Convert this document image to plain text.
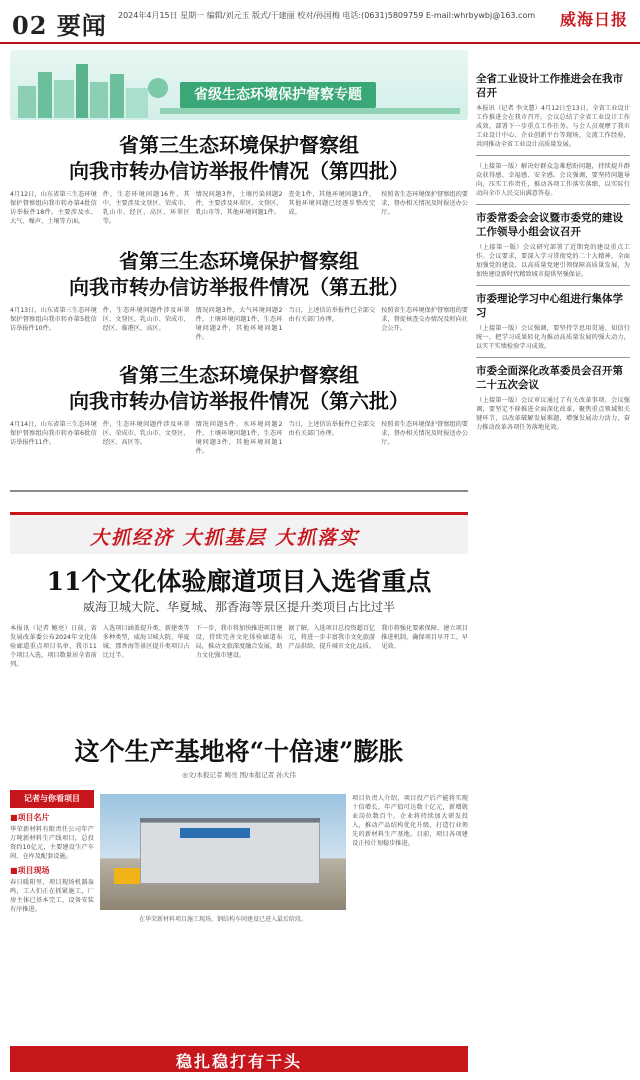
02 要闻 2024年4月15日 星期一 编辑/刘元玉 版式/于建丽 校对/孙国梅 电话:(0631)5809759 E-mail:whrbywbj@163.com 威海日报
省级生态环境保护督察专题
省第三生态环境保护督察组
向我市转办信访举报件情况（第四批）
4月12日，山东省第三生态环境保护督察组向我市转办第4批信访举报件18件。主要涉及水、大气、噪声、土壤等方面。
件，生态环境问题16件，其中，主要涉及文登区、荣成市、乳山市、经区、高区、环翠区等。
情况问题3件，土壤污染问题2件，主要涉及环翠区、文登区、乳山市等，其他环境问题1件。
查处1件，其他环境问题1件，其他环境问题已经逐步整改完成。
按照省生态环境保护督察组的要求，督办相关情况及时报送办公厅。
省第三生态环境保护督察组
向我市转办信访举报件情况（第五批）
4月13日，山东省第三生态环境保护督察组向我市转办第5批信访举报件10件。
件，生态环境问题件涉及环翠区、文登区、乳山市、荣成市、经区、临港区、高区。
情况问题3件，大气环境问题2件，土壤环境问题1件，生态环境问题2件，其他环境问题1件。
当日，上述信访举报件已全部交由有关部门办理。
按照省生态环境保护督察组的要求，督促核查交办情况及时向社会公开。
省第三生态环境保护督察组
向我市转办信访举报件情况（第六批）
4月14日，山东省第三生态环境保护督察组向我市转办第6批信访举报件11件。
件，生态环境问题件涉及环翠区、荣成市、乳山市、文登区、经区、高区等。
情况问题5件，水环境问题2件，土壤环境问题1件，生态环境问题3件，其他环境问题1件。
当日，上述信访举报件已全部交由有关部门办理。
按照省生态环境保护督察组的要求，督办相关情况及时报送办公厅。
大抓经济 大抓基层 大抓落实
11个文化体验廊道项目入选省重点
威海卫城大院、华夏城、那香海等景区提升类项目占比过半
本报讯（记者 鲍亮）日前，省发展改革委公布2024年文化体验廊道重点项目名单，我市11个项目入选，项目数量居全省前列。
入选项目涵盖提升类、新建类等多种类型，威海卫城大院、华夏城、那香海等景区提升类项目占比过半。
下一步，我市将加快推进项目建设，持续完善文化体验廊道布局，推动文旅深度融合发展，助力文化强市建设。
据了解，入选项目总投资超百亿元，将进一步丰富我市文化旅游产品供给，提升城市文化品质。
我市将强化要素保障，建立项目推进机制，确保项目早开工、早见效。
这个生产基地将“十倍速”膨胀
◎文/本报记者 鲍亮 图/本报记者 孙大伟
记者与你看项目
■项目名片
华荣新材料有限责任公司年产万吨新材料生产线项目，总投资约10亿元，主要建设生产车间、仓库及配套设施。
■项目现场
春日暖阳里，项目现场机器轰鸣，工人们正在抓紧施工，厂房主体已基本完工，设备安装有序推进。
在华荣新材料项目施工现场，钢结构车间建设已进入最后阶段。
项目负责人介绍，项目投产后产能将实现十倍增长，年产值可达数十亿元，新增就业岗位数百个。企业将持续加大研发投入，推动产品结构优化升级，打造行业领先的新材料生产基地。目前，项目各项建设正按计划稳步推进。
稳扎稳打有干头
全省工业设计工作推进会在我市召开
本报讯（记者 李文慧）4月12日至13日，全省工业设计工作推进会在我市召开。会议总结了全省工业设计工作成效，部署下一步重点工作任务。与会人员观摩了我市工业设计中心、企业创新平台等现场，交流工作经验，共同推动全省工业设计高质量发展。
（上接第一版）解决好群众急难愁盼问题，持续提升群众获得感、幸福感、安全感。会议强调，要坚持问题导向，压实工作责任，推动各项工作落实落细，以实际行动向全市人民交出满意答卷。
市委常委会会议暨市委党的建设工作领导小组会议召开
（上接第一版）会议研究部署了近期党的建设重点工作。会议要求，要深入学习贯彻党的二十大精神，全面加强党的建设，以高质量党建引领保障高质量发展，为加快建设新时代精致城市提供坚强保证。
市委理论学习中心组进行集体学习
（上接第一版）会议强调，要坚持学思用贯通、知信行统一，把学习成果转化为推动高质量发展的强大动力，以实干实绩检验学习成效。
市委全面深化改革委员会召开第二十五次会议
（上接第一版）会议审议通过了有关改革事项。会议强调，要坚定不移推进全面深化改革，聚焦重点领域和关键环节，以改革破解发展难题，增强发展动力活力，奋力推动改革各项任务落地见效。
